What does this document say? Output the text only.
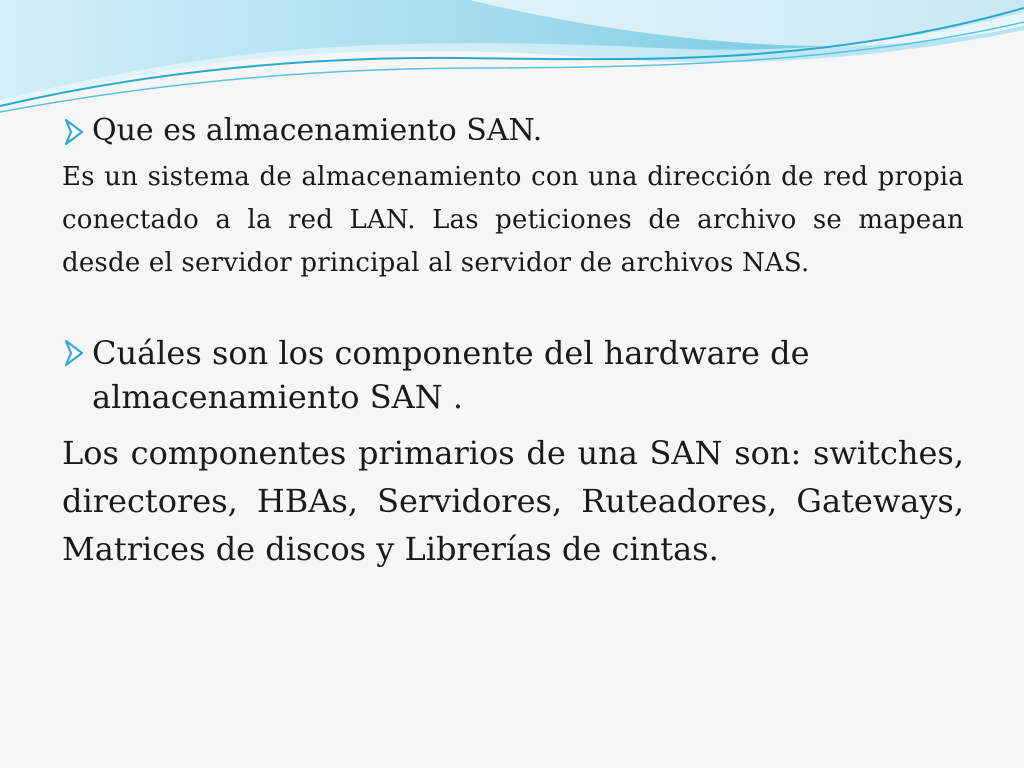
Que es almacenamiento SAN.

Es un sistema de almacenamiento con una dirección de red propia conectado a la red LAN. Las peticiones de archivo se mapean desde el servidor principal al servidor de archivos NAS.

Cuáles son los componente del hardware de almacenamiento SAN .

Los componentes primarios de una SAN son: switches, directores, HBAs, Servidores, Ruteadores, Gateways, Matrices de discos y Librerías de cintas.
